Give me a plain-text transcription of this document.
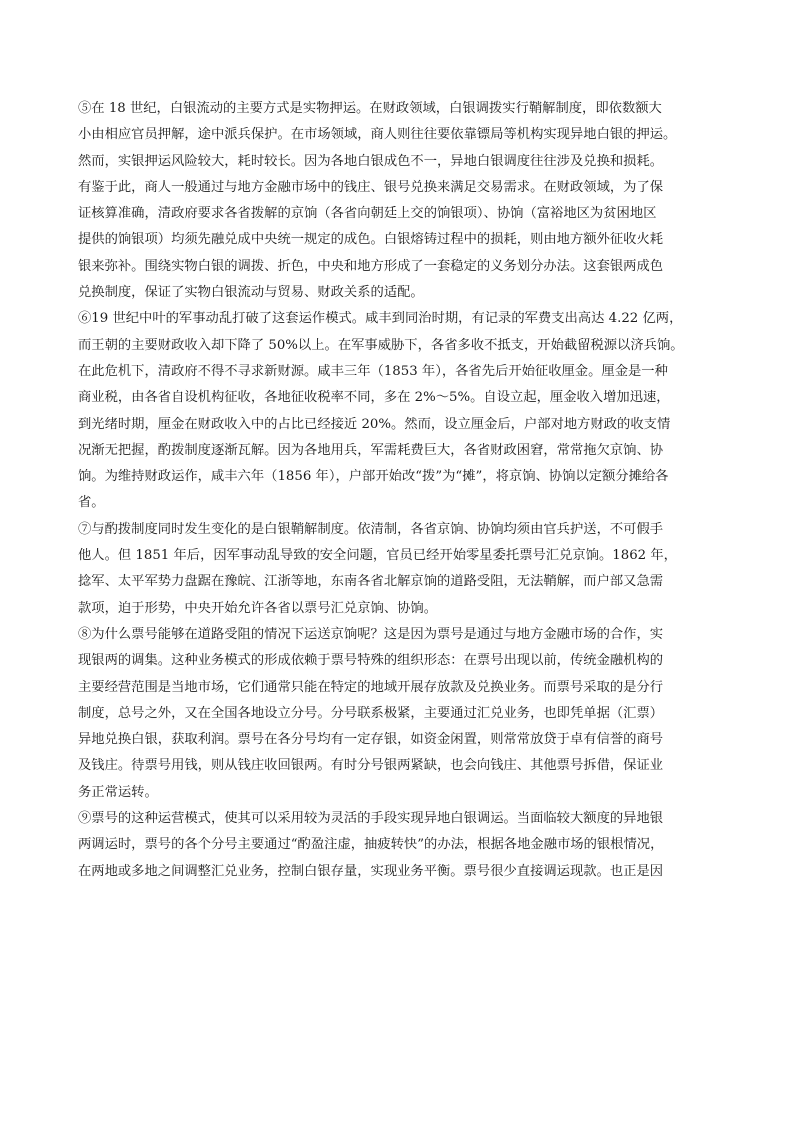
⑤在 18 世纪，白银流动的主要方式是实物押运。在财政领域，白银调拨实行鞘解制度，即依数额大
小由相应官员押解，途中派兵保护。在市场领域，商人则往往要依靠镖局等机构实现异地白银的押运。
然而，实银押运风险较大，耗时较长。因为各地白银成色不一，异地白银调度往往涉及兑换和损耗。
有鉴于此，商人一般通过与地方金融市场中的钱庄、银号兑换来满足交易需求。在财政领域，为了保
证核算准确，清政府要求各省拨解的京饷（各省向朝廷上交的饷银项）、协饷（富裕地区为贫困地区
提供的饷银项）均须先融兑成中央统一规定的成色。白银熔铸过程中的损耗，则由地方额外征收火耗
银来弥补。围绕实物白银的调拨、折色，中央和地方形成了一套稳定的义务划分办法。这套银两成色
兑换制度，保证了实物白银流动与贸易、财政关系的适配。
⑥19 世纪中叶的军事动乱打破了这套运作模式。咸丰到同治时期，有记录的军费支出高达 4.22 亿两，
而王朝的主要财政收入却下降了 50%以上。在军事威胁下，各省多收不抵支，开始截留税源以济兵饷。
在此危机下，清政府不得不寻求新财源。咸丰三年（1853 年），各省先后开始征收厘金。厘金是一种
商业税，由各省自设机构征收，各地征收税率不同，多在 2%～5%。自设立起，厘金收入增加迅速，
到光绪时期，厘金在财政收入中的占比已经接近 20%。然而，设立厘金后，户部对地方财政的收支情
况渐无把握，酌拨制度逐渐瓦解。因为各地用兵，军需耗费巨大，各省财政困窘，常常拖欠京饷、协
饷。为维持财政运作，咸丰六年（1856 年），户部开始改“拨”为“摊”，将京饷、协饷以定额分摊给各
省。
⑦与酌拨制度同时发生变化的是白银鞘解制度。依清制，各省京饷、协饷均须由官兵护送，不可假手
他人。但 1851 年后，因军事动乱导致的安全问题，官员已经开始零星委托票号汇兑京饷。1862 年，
捻军、太平军势力盘踞在豫皖、江浙等地，东南各省北解京饷的道路受阻，无法鞘解，而户部又急需
款项，迫于形势，中央开始允许各省以票号汇兑京饷、协饷。
⑧为什么票号能够在道路受阻的情况下运送京饷呢？这是因为票号是通过与地方金融市场的合作，实
现银两的调集。这种业务模式的形成依赖于票号特殊的组织形态：在票号出现以前，传统金融机构的
主要经营范围是当地市场，它们通常只能在特定的地域开展存放款及兑换业务。而票号采取的是分行
制度，总号之外，又在全国各地设立分号。分号联系极紧，主要通过汇兑业务，也即凭单据（汇票）
异地兑换白银，获取利润。票号在各分号均有一定存银，如资金闲置，则常常放贷于卓有信誉的商号
及钱庄。待票号用钱，则从钱庄收回银两。有时分号银两紧缺，也会向钱庄、其他票号拆借，保证业
务正常运转。
⑨票号的这种运营模式，使其可以采用较为灵活的手段实现异地白银调运。当面临较大额度的异地银
两调运时，票号的各个分号主要通过“酌盈注虚，抽疲转快”的办法，根据各地金融市场的银根情况，
在两地或多地之间调整汇兑业务，控制白银存量，实现业务平衡。票号很少直接调运现款。也正是因
